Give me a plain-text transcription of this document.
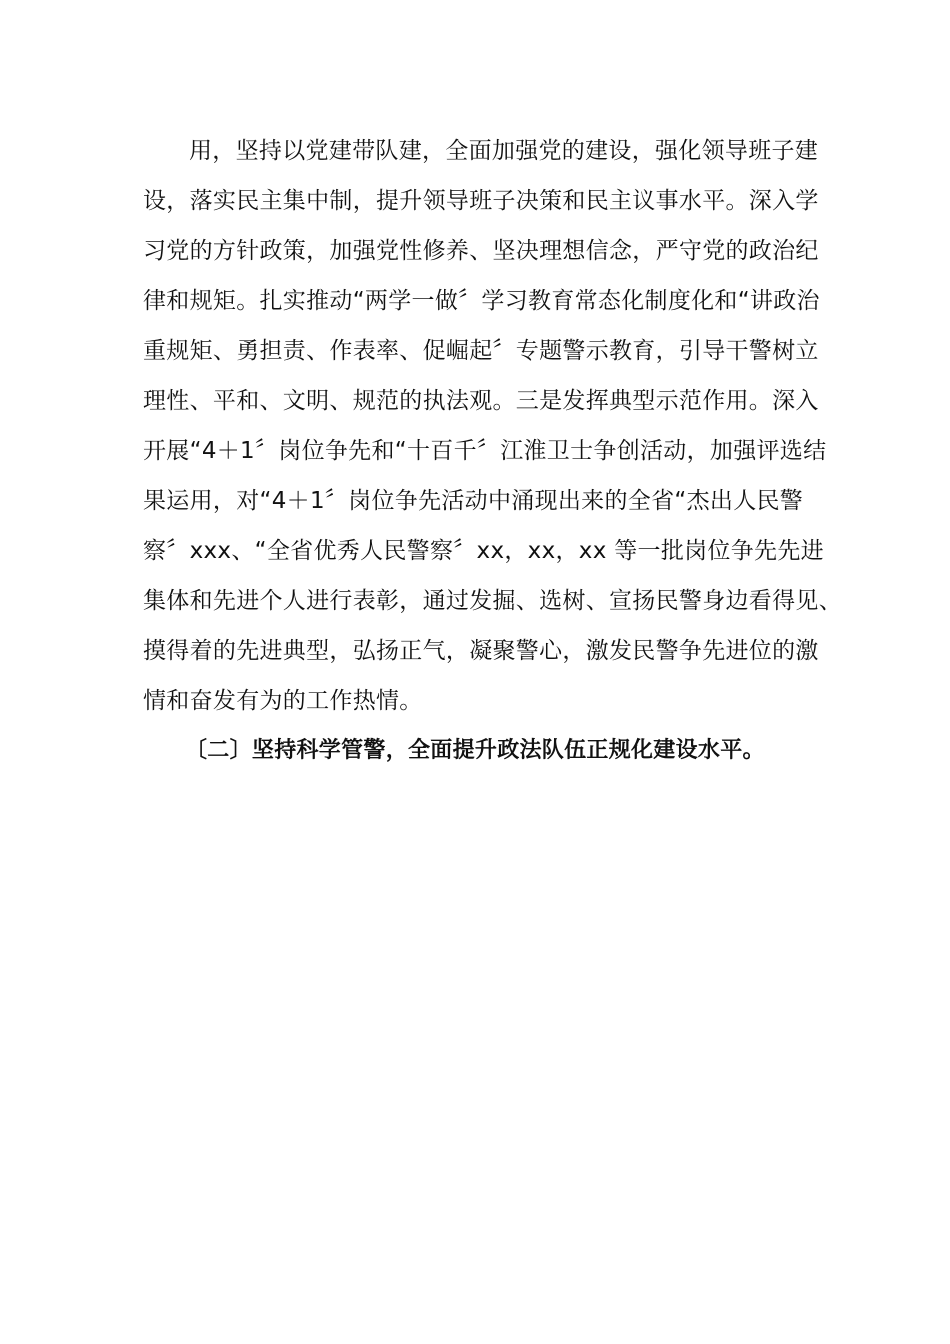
用，坚持以党建带队建，全面加强党的建设，强化领导班子建
设，落实民主集中制，提升领导班子决策和民主议事水平。深入学
习党的方针政策，加强党性修养、坚决理想信念，严守党的政治纪
律和规矩。扎实推动“两学一做〞学习教育常态化制度化和“讲政治
重规矩、勇担责、作表率、促崛起〞专题警示教育，引导干警树立
理性、平和、文明、规范的执法观。三是发挥典型示范作用。深入
开展“4＋1〞岗位争先和“十百千〞江淮卫士争创活动，加强评选结
果运用，对“4＋1〞岗位争先活动中涌现出来的全省“杰出人民警
察〞xxx、“全省优秀人民警察〞xx，xx，xx 等一批岗位争先先进
集体和先进个人进行表彰，通过发掘、选树、宣扬民警身边看得见、
摸得着的先进典型，弘扬正气，凝聚警心，激发民警争先进位的激
情和奋发有为的工作热情。
〔二〕坚持科学管警，全面提升政法队伍正规化建设水平。
